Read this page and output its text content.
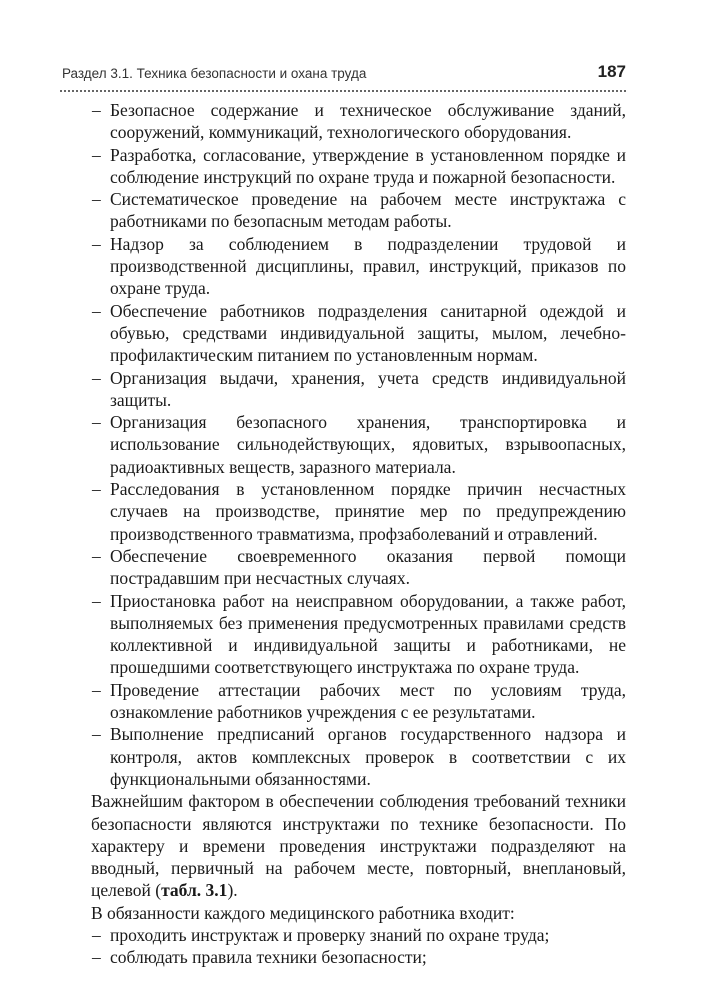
Раздел 3.1. Техника безопасности и охана труда	187

– Безопасное содержание и техническое обслуживание зданий, сооружений, коммуникаций, технологического оборудования.

– Разработка, согласование, утверждение в установленном порядке и соблюдение инструкций по охране труда и пожарной безопасности.

– Систематическое проведение на рабочем месте инструктажа с работниками по безопасным методам работы.

– Надзор за соблюдением в подразделении трудовой и производственной дисциплины, правил, инструкций, приказов по охране труда.

– Обеспечение работников подразделения санитарной одеждой и обувью, средствами индивидуальной защиты, мылом, лечебно-профилактическим питанием по установленным нормам.

– Организация выдачи, хранения, учета средств индивидуальной защиты.

– Организация безопасного хранения, транспортировка и использование сильнодействующих, ядовитых, взрывоопасных, радиоактивных веществ, заразного материала.

– Расследования в установленном порядке причин несчастных случаев на производстве, принятие мер по предупреждению производственного травматизма, профзаболеваний и отравлений.

– Обеспечение своевременного оказания первой помощи пострадавшим при несчастных случаях.

– Приостановка работ на неисправном оборудовании, а также работ, выполняемых без применения предусмотренных правилами средств коллективной и индивидуальной защиты и работниками, не прошедшими соответствующего инструктажа по охране труда.

– Проведение аттестации рабочих мест по условиям труда, ознакомление работников учреждения с ее результатами.

– Выполнение предписаний органов государственного надзора и контроля, актов комплексных проверок в соответствии с их функциональными обязанностями.

Важнейшим фактором в обеспечении соблюдения требований техники безопасности являются инструктажи по технике безопасности. По характеру и времени проведения инструктажи подразделяют на вводный, первичный на рабочем месте, повторный, внеплановый, целевой (табл. 3.1).

В обязанности каждого медицинского работника входит:

– проходить инструктаж и проверку знаний по охране труда;

– соблюдать правила техники безопасности;
